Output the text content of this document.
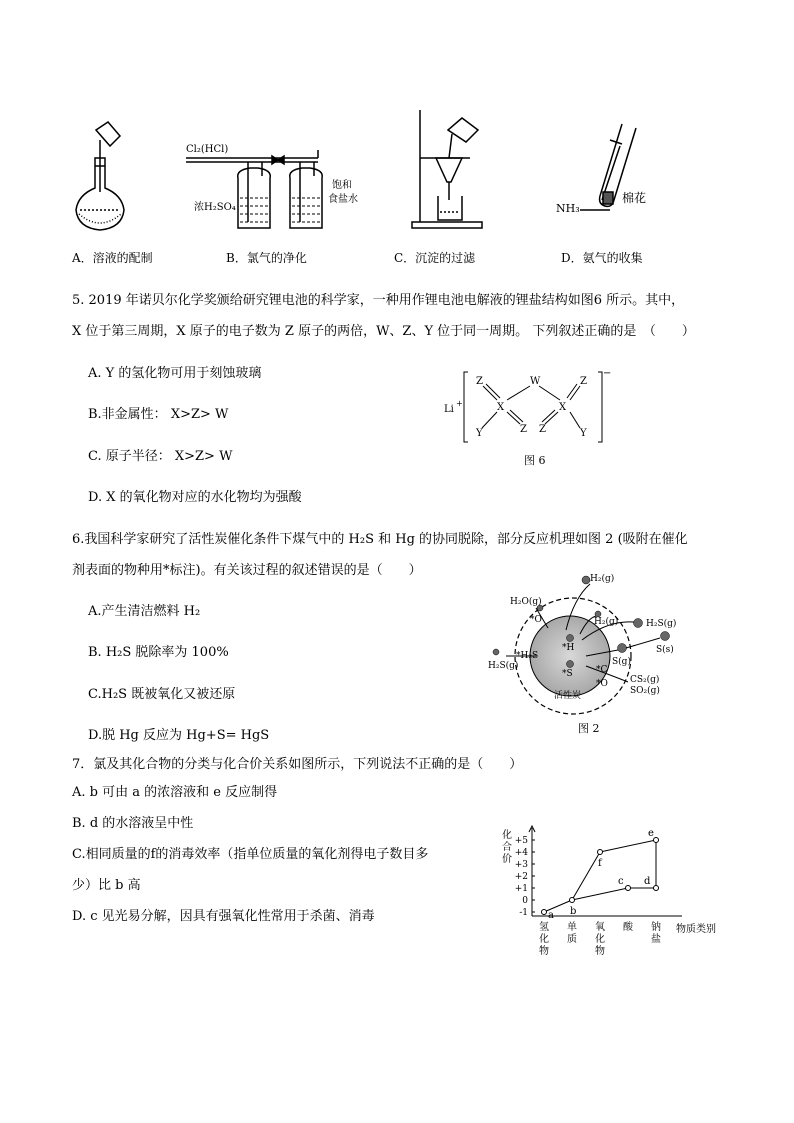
Cl₂(HCl)
浓H₂SO₄
饱和
食盐水
NH₃
棉花
A．溶液的配制	B．氯气的净化	C．沉淀的过滤	D．氨气的收集
5. 2019 年诺贝尔化学奖颁给研究锂电池的科学家，一种用作锂电池电解液的锂盐结构如图6 所示。其中，
X 位于第三周期，X 原子的电子数为 Z 原子的两倍，W、Z、Y 位于同一周期。 下列叙述正确的是　（　　）
A. Y 的氢化物可用于刻蚀玻璃
B.非金属性： X>Z> W
C. 原子半径： X>Z> W
D. X 的氧化物对应的水化物均为强酸
Li
+
−
Z	W	Z
X	X
Y	Z Z	Y
图 6
6.我国科学家研究了活性炭催化条件下煤气中的 H₂S 和 Hg 的协同脱除，部分反应机理如图 2 (吸附在催化
剂表面的物种用*标注)。有关该过程的叙述错误的是（　　）
A.产生清洁燃料 H₂
B. H₂S 脱除率为 100%
C.H₂S 既被氧化又被还原
D.脱 Hg 反应为 Hg+S= HgS
H₂(g)
H₂O(g)
*O	H₂(g)	H₂S(g)
H₂S(g)
*H₂S
*H
*S
S(g)
S(s)
*C
*O CS₂(g)
SO₂(g)
活性炭
图 2
7．氯及其化合物的分类与化合价关系如图所示，下列说法不正确的是（　　）
A. b 可由 a 的浓溶液和 e 反应制得
B. d 的水溶液呈中性
C.相同质量的f的消毒效率（指单位质量的氧化剂得电子数目多
少）比 b 高
D. c 见光易分解，因具有强氧化性常用于杀菌、消毒	-1
0
+1
+2
+3
+4
+5
化
合
价
氢
化
物
单
质
氧
化
物
酸 钠
盐
物质类别
a b
f
c
e
d
